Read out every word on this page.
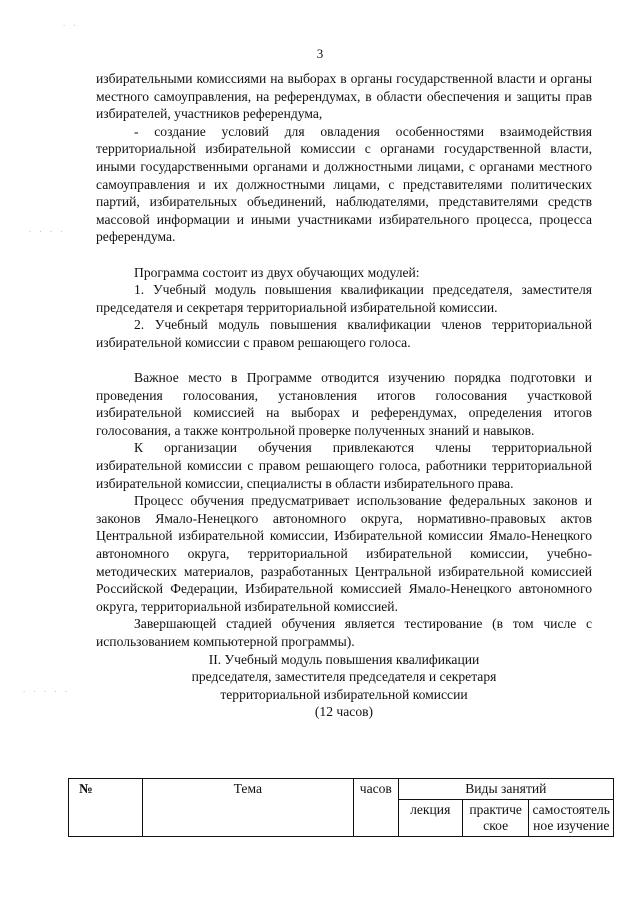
3

избирательными комиссиями на выборах в органы государственной власти и органы местного самоуправления, на референдумах, в области обеспечения и защиты прав избирателей, участников референдума,

- создание условий для овладения особенностями взаимодействия территориальной избирательной комиссии с органами государственной власти, иными государственными органами и должностными лицами, с органами местного самоуправления и их должностными лицами, с представителями политических партий, избирательных объединений, наблюдателями, представителями средств массовой информации и иными участниками избирательного процесса, процесса референдума.

Программа состоит из двух обучающих модулей:

1. Учебный модуль повышения квалификации председателя, заместителя председателя и секретаря территориальной избирательной комиссии.

2. Учебный модуль повышения квалификации членов территориальной избирательной комиссии с правом решающего голоса.

Важное место в Программе отводится изучению порядка подготовки и проведения голосования, установления итогов голосования участковой избирательной комиссией на выборах и референдумах, определения итогов голосования, а также контрольной проверке полученных знаний и навыков.

К организации обучения привлекаются члены территориальной избирательной комиссии с правом решающего голоса, работники территориальной избирательной комиссии, специалисты в области избирательного права.

Процесс обучения предусматривает использование федеральных законов и законов Ямало-Ненецкого автономного округа, нормативно-правовых актов Центральной избирательной комиссии, Избирательной комиссии Ямало-Ненецкого автономного округа, территориальной избирательной комиссии, учебно-методических материалов, разработанных Центральной избирательной комиссией Российской Федерации, Избирательной комиссией Ямало-Ненецкого автономного округа, территориальной избирательной комиссией.

Завершающей стадией обучения является тестирование (в том числе с использованием компьютерной программы).

II. Учебный модуль повышения квалификации

председателя, заместителя председателя и секретаря

территориальной избирательной комиссии

(12 часов)

№	Тема	часов	Виды занятий		
			лекция	практиче ское	самостоятель ное изучение
· ·
· · · ·
· · · · ·
